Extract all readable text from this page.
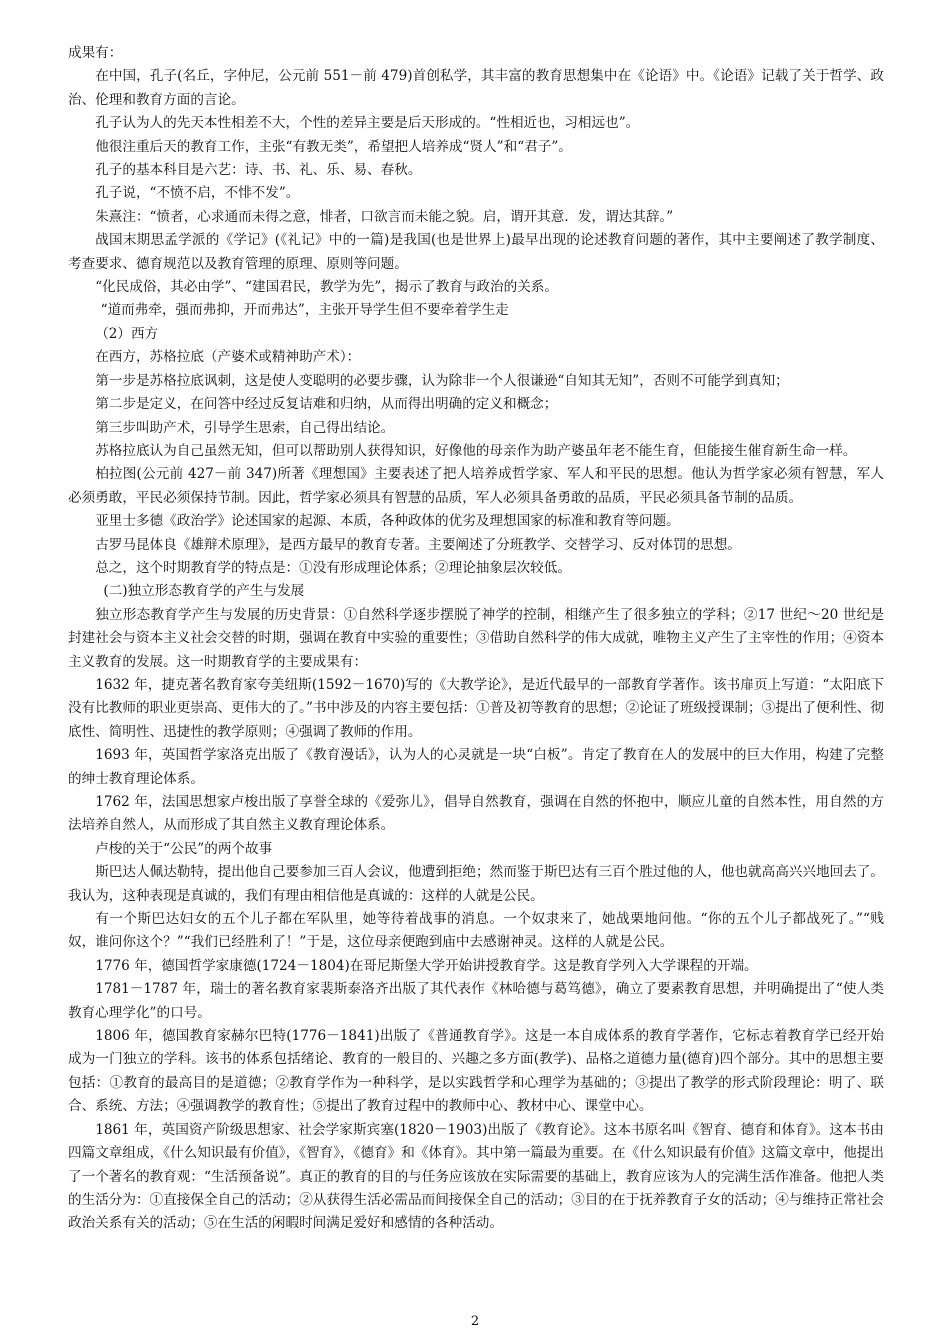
成果有：

在中国，孔子(名丘，字仲尼，公元前 551－前 479)首创私学，其丰富的教育思想集中在《论语》中。《论语》记载了关于哲学、政治、伦理和教育方面的言论。

孔子认为人的先天本性相差不大，个性的差异主要是后天形成的。“性相近也，习相远也”。

他很注重后天的教育工作，主张“有教无类”，希望把人培养成“贤人”和“君子”。

孔子的基本科目是六艺：诗、书、礼、乐、易、春秋。

孔子说，“不愤不启，不悱不发”。

朱熹注：“愤者，心求通而未得之意，悱者，口欲言而未能之貌。启，谓开其意．发，谓达其辞。”

战国末期思孟学派的《学记》(《礼记》中的一篇)是我国(也是世界上)最早出现的论述教育问题的著作，其中主要阐述了教学制度、考查要求、德育规范以及教育管理的原理、原则等问题。

“化民成俗，其必由学”、“建国君民，教学为先”，揭示了教育与政治的关系。

“道而弗牵，强而弗抑，开而弗达”，主张开导学生但不要牵着学生走

（2）西方

在西方，苏格拉底（产婆术或精神助产术）：

第一步是苏格拉底讽刺，这是使人变聪明的必要步骤，认为除非一个人很谦逊“自知其无知”，否则不可能学到真知；

第二步是定义，在问答中经过反复诘难和归纳，从而得出明确的定义和概念；

第三步叫助产术，引导学生思索，自己得出结论。

苏格拉底认为自己虽然无知，但可以帮助别人获得知识，好像他的母亲作为助产婆虽年老不能生育，但能接生催育新生命一样。

柏拉图(公元前 427－前 347)所著《理想国》主要表述了把人培养成哲学家、军人和平民的思想。他认为哲学家必须有智慧，军人必须勇敢，平民必须保持节制。因此，哲学家必须具有智慧的品质，军人必须具备勇敢的品质，平民必须具备节制的品质。

亚里士多德《政治学》论述国家的起源、本质，各种政体的优劣及理想国家的标准和教育等问题。

古罗马昆体良《雄辩术原理》，是西方最早的教育专著。主要阐述了分班教学、交替学习、反对体罚的思想。

总之，这个时期教育学的特点是：①没有形成理论体系；②理论抽象层次较低。

(二)独立形态教育学的产生与发展

独立形态教育学产生与发展的历史背景：①自然科学逐步摆脱了神学的控制，相继产生了很多独立的学科；②17 世纪～20 世纪是封建社会与资本主义社会交替的时期，强调在教育中实验的重要性；③借助自然科学的伟大成就，唯物主义产生了主宰性的作用；④资本主义教育的发展。这一时期教育学的主要成果有：

1632 年，捷克著名教育家夸美纽斯(1592－1670)写的《大教学论》，是近代最早的一部教育学著作。该书扉页上写道：“太阳底下没有比教师的职业更崇高、更伟大的了。”书中涉及的内容主要包括：①普及初等教育的思想；②论证了班级授课制；③提出了便利性、彻底性、简明性、迅捷性的教学原则；④强调了教师的作用。

1693 年，英国哲学家洛克出版了《教育漫话》，认为人的心灵就是一块“白板”。肯定了教育在人的发展中的巨大作用，构建了完整的绅士教育理论体系。

1762 年，法国思想家卢梭出版了享誉全球的《爱弥儿》，倡导自然教育，强调在自然的怀抱中，顺应儿童的自然本性，用自然的方法培养自然人，从而形成了其自然主义教育理论体系。

卢梭的关于“公民”的两个故事

斯巴达人佩达勒特，提出他自己要参加三百人会议，他遭到拒绝；然而鉴于斯巴达有三百个胜过他的人，他也就高高兴兴地回去了。我认为，这种表现是真诚的，我们有理由相信他是真诚的：这样的人就是公民。

有一个斯巴达妇女的五个儿子都在军队里，她等待着战事的消息。一个奴隶来了，她战栗地问他。“你的五个儿子都战死了。”“贱奴，谁问你这个？”“我们已经胜利了！”于是，这位母亲便跑到庙中去感谢神灵。这样的人就是公民。

1776 年，德国哲学家康德(1724－1804)在哥尼斯堡大学开始讲授教育学。这是教育学列入大学课程的开端。

1781－1787 年，瑞士的著名教育家裴斯泰洛齐出版了其代表作《林哈德与葛笃德》，确立了要素教育思想，并明确提出了“使人类教育心理学化”的口号。

1806 年，德国教育家赫尔巴特(1776－1841)出版了《普通教育学》。这是一本自成体系的教育学著作，它标志着教育学已经开始成为一门独立的学科。该书的体系包括绪论、教育的一般目的、兴趣之多方面(教学)、品格之道德力量(德育)四个部分。其中的思想主要包括：①教育的最高目的是道德；②教育学作为一种科学，是以实践哲学和心理学为基础的；③提出了教学的形式阶段理论：明了、联合、系统、方法；④强调教学的教育性；⑤提出了教育过程中的教师中心、教材中心、课堂中心。

1861 年，英国资产阶级思想家、社会学家斯宾塞(1820－1903)出版了《教育论》。这本书原名叫《智育、德育和体育》。这本书由四篇文章组成，《什么知识最有价值》，《智育》，《德育》和《体育》。其中第一篇最为重要。在《什么知识最有价值》这篇文章中，他提出了一个著名的教育观：“生活预备说”。真正的教育的目的与任务应该放在实际需要的基础上，教育应该为人的完满生活作准备。他把人类的生活分为：①直接保全自己的活动；②从获得生活必需品而间接保全自己的活动；③目的在于抚养教育子女的活动；④与维持正常社会政治关系有关的活动；⑤在生活的闲暇时间满足爱好和感情的各种活动。

2
